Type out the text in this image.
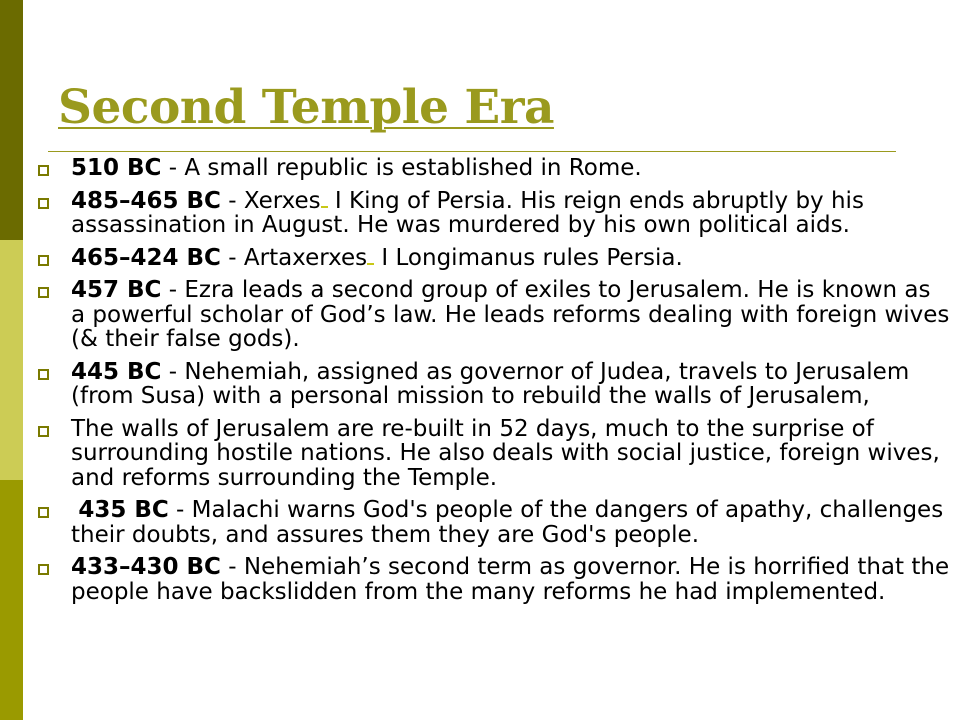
Second Temple Era
510 BC - A small republic is established in Rome.
485–465 BC - Xerxes I King of Persia. His reign ends abruptly by his assassination in August. He was murdered by his own political aids.
465–424 BC - Artaxerxes I Longimanus rules Persia.
457 BC - Ezra leads a second group of exiles to Jerusalem. He is known as a powerful scholar of God’s law. He leads reforms dealing with foreign wives (& their false gods).
445 BC - Nehemiah, assigned as governor of Judea, travels to Jerusalem (from Susa) with a personal mission to rebuild the walls of Jerusalem,
The walls of Jerusalem are re-built in 52 days, much to the surprise of surrounding hostile nations. He also deals with social justice, foreign wives, and reforms surrounding the Temple.
435 BC - Malachi warns God's people of the dangers of apathy, challenges their doubts, and assures them they are God's people.
433–430 BC - Nehemiah’s second term as governor. He is horrified that the people have backslidden from the many reforms he had implemented.
